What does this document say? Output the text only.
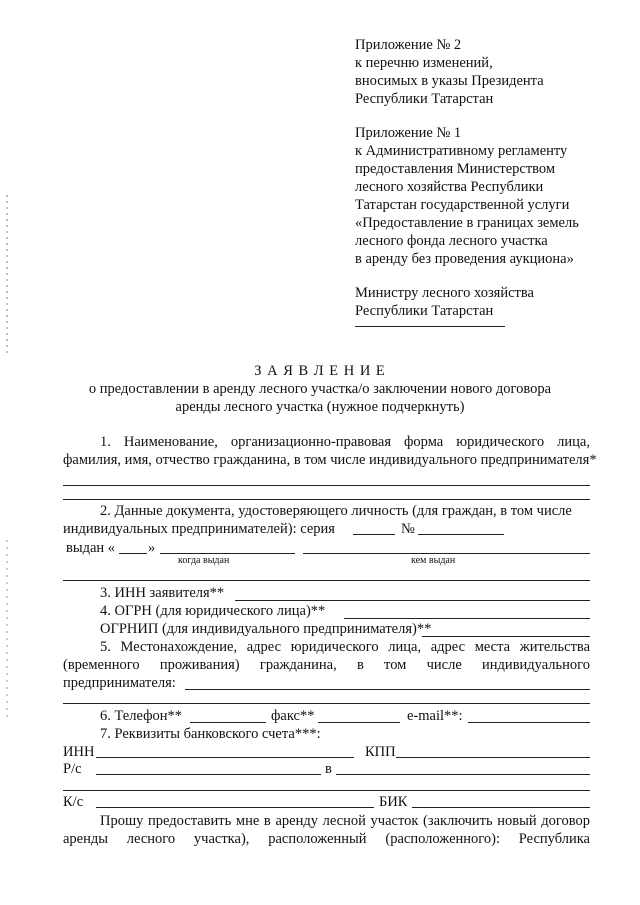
Приложение № 2
к перечню изменений,
вносимых в указы Президента
Республики Татарстан
Приложение № 1
к Административному регламенту
предоставления Министерством
лесного хозяйства Республики
Татарстан государственной услуги
«Предоставление в границах земель
лесного фонда лесного участка
в аренду без проведения аукциона»
Министру лесного хозяйства
Республики Татарстан
З А Я В Л Е Н И Е
о предоставлении в аренду лесного участка/о заключении нового договора
аренды лесного участка (нужное подчеркнуть)
1. Наименование, организационно-правовая форма юридического лица,
фамилия, имя, отчество гражданина, в том числе индивидуального предпринимателя*
2. Данные документа, удостоверяющего личность (для граждан, в том числе
индивидуальных предпринимателей): серия	№
выдан « »
когда выдан	кем выдан
3. ИНН заявителя**
4. ОГРН (для юридического лица)**
ОГРНИП (для индивидуального предпринимателя)**
5. Местонахождение, адрес юридического лица, адрес места жительства
(временного проживания) гражданина, в том числе индивидуального
предпринимателя:
6. Телефон**	факс**	e-mail**:
7. Реквизиты банковского счета***:
ИНН	КПП
Р/с	в
К/с	БИК
Прошу предоставить мне в аренду лесной участок (заключить новый договор
аренды лесного участка), расположенный (расположенного): Республика
